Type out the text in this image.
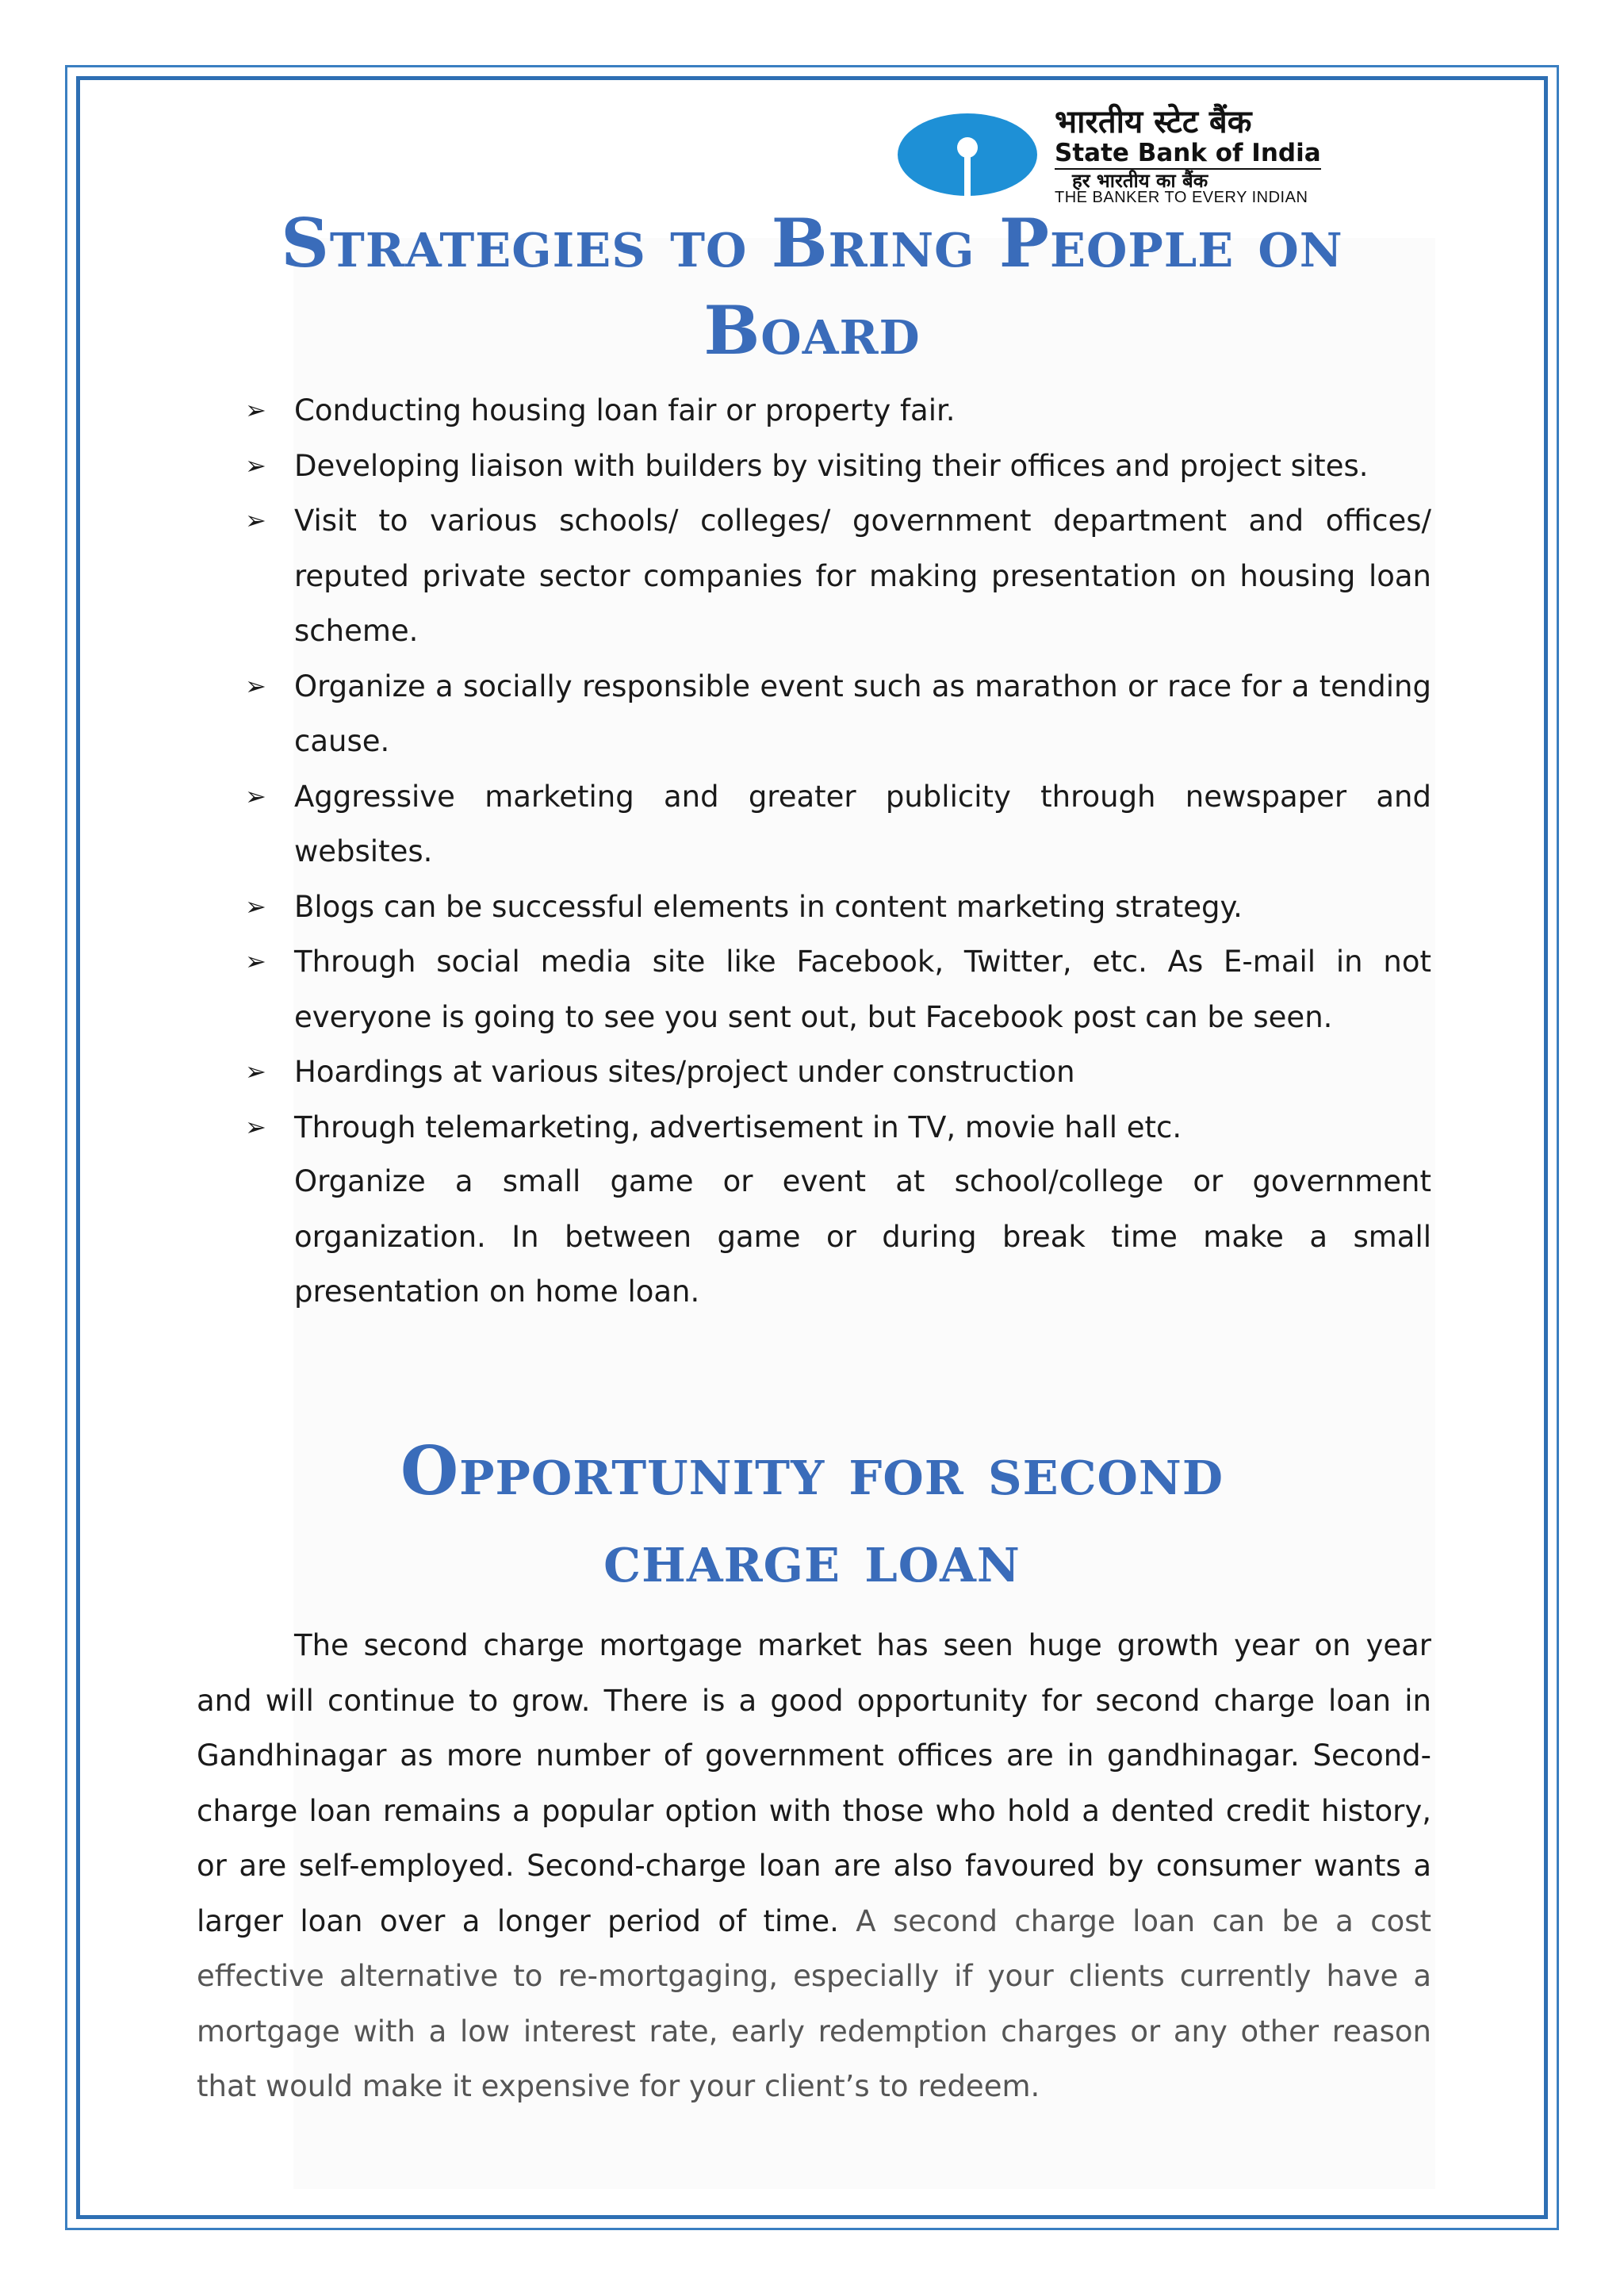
भारतीय स्टेट बैंक
State Bank of India
हर भारतीय का बैंक
THE BANKER TO EVERY INDIAN
Strategies to Bring People on
Board
➢ Conducting housing loan fair or property fair.
➢ Developing liaison with builders by visiting their offices and project sites.
➢ Visit to various schools/ colleges/ government department and offices/ reputed private sector companies for making presentation on housing loan scheme.
➢ Organize a socially responsible event such as marathon or race for a tending cause.
➢ Aggressive marketing and greater publicity through newspaper and websites.
➢ Blogs can be successful elements in content marketing strategy.
➢ Through social media site like Facebook, Twitter, etc. As E-mail in not everyone is going to see you sent out, but Facebook post can be seen.
➢ Hoardings at various sites/project under construction
➢ Through telemarketing, advertisement in TV, movie hall etc.
Organize a small game or event at school/college or government organization. In between game or during break time make a small presentation on home loan.
Opportunity for second
charge loan
The second charge mortgage market has seen huge growth year on year and will continue to grow. There is a good opportunity for second charge loan in Gandhinagar as more number of government offices are in gandhinagar. Second-charge loan remains a popular option with those who hold a dented credit history, or are self-employed. Second-charge loan are also favoured by consumer wants a larger loan over a longer period of time. A second charge loan can be a cost effective alternative to re-mortgaging, especially if your clients currently have a mortgage with a low interest rate, early redemption charges or any other reason that would make it expensive for your client’s to redeem.
